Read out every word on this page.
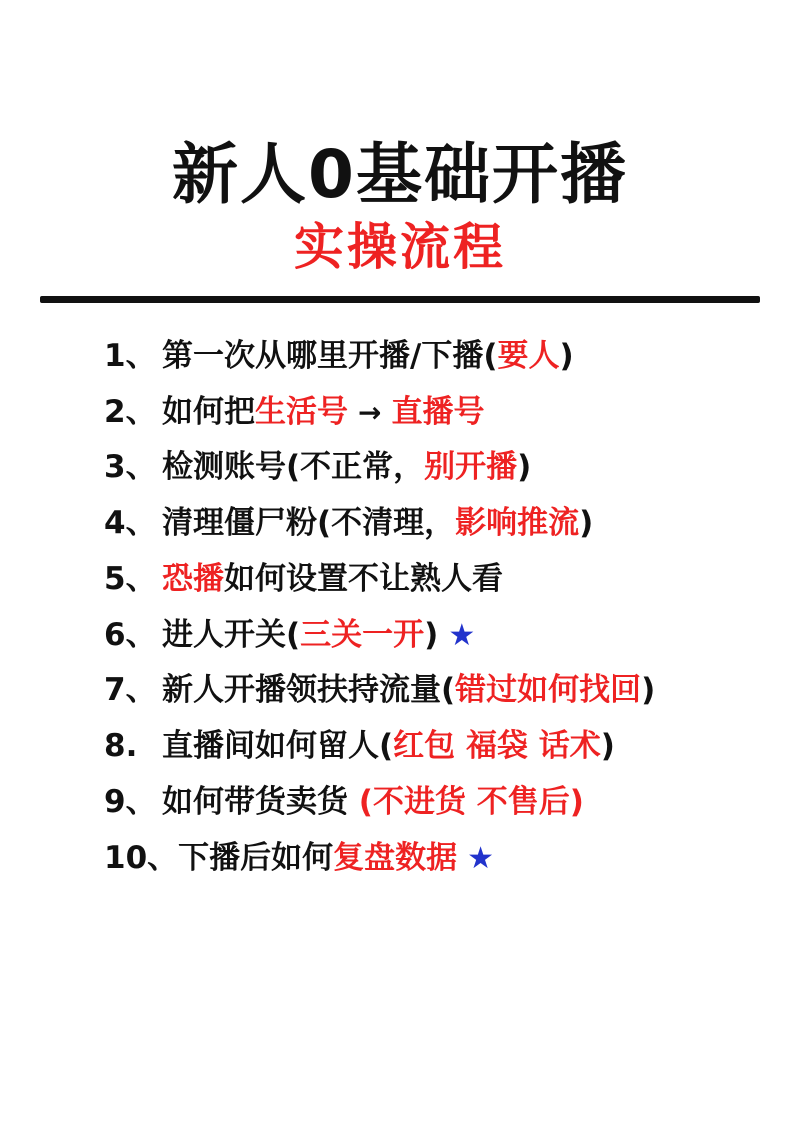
新人0基础开播
实操流程
1、 第一次从哪里开播/下播(要人)
2、 如何把生活号 → 直播号
3、 检测账号(不正常，别开播)
4、 清理僵尸粉(不清理，影响推流)
5、 恐播如何设置不让熟人看
6、 进人开关(三关一开) ★
7、 新人开播领扶持流量(错过如何找回)
8. 直播间如何留人(红包 福袋 话术)
9、 如何带货卖货 (不进货 不售后)
10、 下播后如何复盘数据 ★
